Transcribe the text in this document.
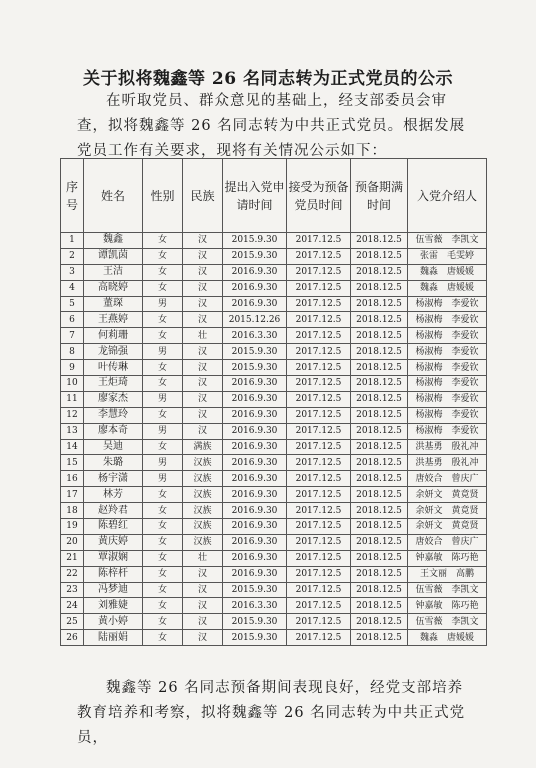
关于拟将魏鑫等 26 名同志转为正式党员的公示
在听取党员、群众意见的基础上，经支部委员会审查，拟将魏鑫等 26 名同志转为中共正式党员。根据发展党员工作有关要求，现将有关情况公示如下：
序号	姓名	性别	民族	提出入党申请时间	接受为预备党员时间	预备期满时间	入党介绍人
1	魏鑫	女	汉	2015.9.30	2017.12.5	2018.12.5	伍雪薇　李凯文
2	谭凯茵	女	汉	2015.9.30	2017.12.5	2018.12.5	张雷　毛雯婷
3	王洁	女	汉	2016.9.30	2017.12.5	2018.12.5	魏淼　唐媛媛
4	高晓婷	女	汉	2016.9.30	2017.12.5	2018.12.5	魏淼　唐媛媛
5	董琛	男	汉	2016.9.30	2017.12.5	2018.12.5	杨淑梅　李爱钦
6	王燕婷	女	汉	2015.12.26	2017.12.5	2018.12.5	杨淑梅　李爱钦
7	何莉珊	女	壮	2016.3.30	2017.12.5	2018.12.5	杨淑梅　李爱钦
8	龙锦强	男	汉	2015.9.30	2017.12.5	2018.12.5	杨淑梅　李爱钦
9	叶传琳	女	汉	2015.9.30	2017.12.5	2018.12.5	杨淑梅　李爱钦
10	王炬琦	女	汉	2016.9.30	2017.12.5	2018.12.5	杨淑梅　李爱钦
11	廖家杰	男	汉	2016.9.30	2017.12.5	2018.12.5	杨淑梅　李爱钦
12	李慧玲	女	汉	2016.9.30	2017.12.5	2018.12.5	杨淑梅　李爱钦
13	廖本奇	男	汉	2016.9.30	2017.12.5	2018.12.5	杨淑梅　李爱钦
14	吴迪	女	满族	2016.9.30	2017.12.5	2018.12.5	洪基勇　殷礼冲
15	朱璐	男	汉族	2016.9.30	2017.12.5	2018.12.5	洪基勇　殷礼冲
16	杨宇潇	男	汉族	2016.9.30	2017.12.5	2018.12.5	唐姣合　曾庆广
17	林芳	女	汉族	2016.9.30	2017.12.5	2018.12.5	余妍文　黄竟贤
18	赵羚君	女	汉族	2016.9.30	2017.12.5	2018.12.5	余妍文　黄竟贤
19	陈碧红	女	汉族	2016.9.30	2017.12.5	2018.12.5	余妍文　黄竟贤
20	黄庆婷	女	汉族	2016.9.30	2017.12.5	2018.12.5	唐姣合　曾庆广
21	覃淑娴	女	壮	2016.9.30	2017.12.5	2018.12.5	钟嘉敏　陈巧艳
22	陈梓杆	女	汉	2016.9.30	2017.12.5	2018.12.5	王文丽　高鹏
23	冯梦迪	女	汉	2015.9.30	2017.12.5	2018.12.5	伍雪薇　李凯文
24	刘雅婕	女	汉	2016.3.30	2017.12.5	2018.12.5	钟嘉敏　陈巧艳
25	黄小婷	女	汉	2015.9.30	2017.12.5	2018.12.5	伍雪薇　李凯文
26	陆丽娟	女	汉	2015.9.30	2017.12.5	2018.12.5	魏淼　唐媛媛
魏鑫等 26 名同志预备期间表现良好，经党支部培养教育培养和考察，拟将魏鑫等 26 名同志转为中共正式党员，
